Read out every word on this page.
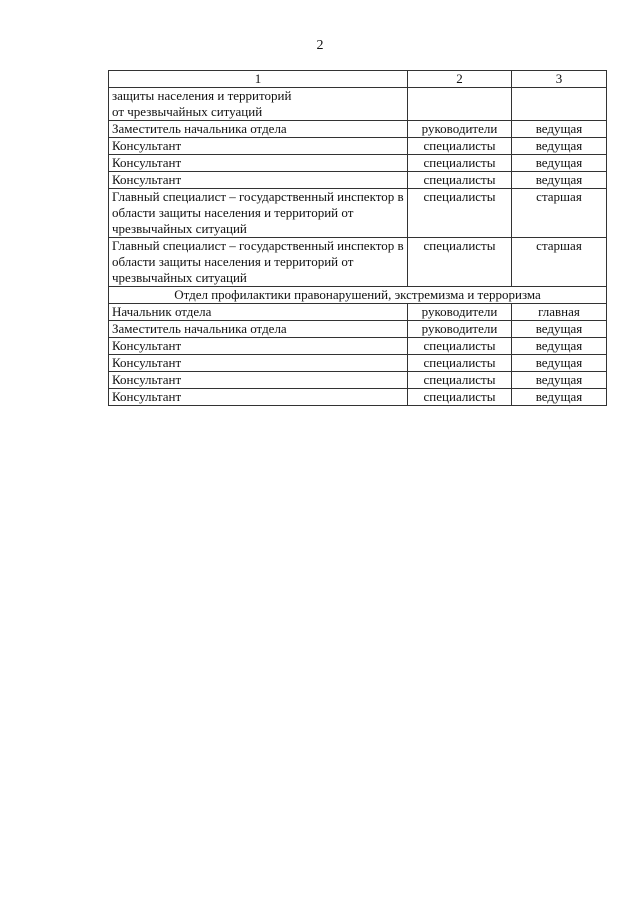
2
1	2	3
защиты населения и территорий
от чрезвычайных ситуаций		
Заместитель начальника отдела	руководители	ведущая
Консультант	специалисты	ведущая
Консультант	специалисты	ведущая
Консультант	специалисты	ведущая
Главный специалист – государственный инспектор в области защиты населения и территорий от чрезвычайных ситуаций	специалисты	старшая
Главный специалист – государственный инспектор в области защиты населения и территорий от чрезвычайных ситуаций	специалисты	старшая
Отдел профилактики правонарушений, экстремизма и терроризма		
Начальник отдела	руководители	главная
Заместитель начальника отдела	руководители	ведущая
Консультант	специалисты	ведущая
Консультант	специалисты	ведущая
Консультант	специалисты	ведущая
Консультант	специалисты	ведущая
